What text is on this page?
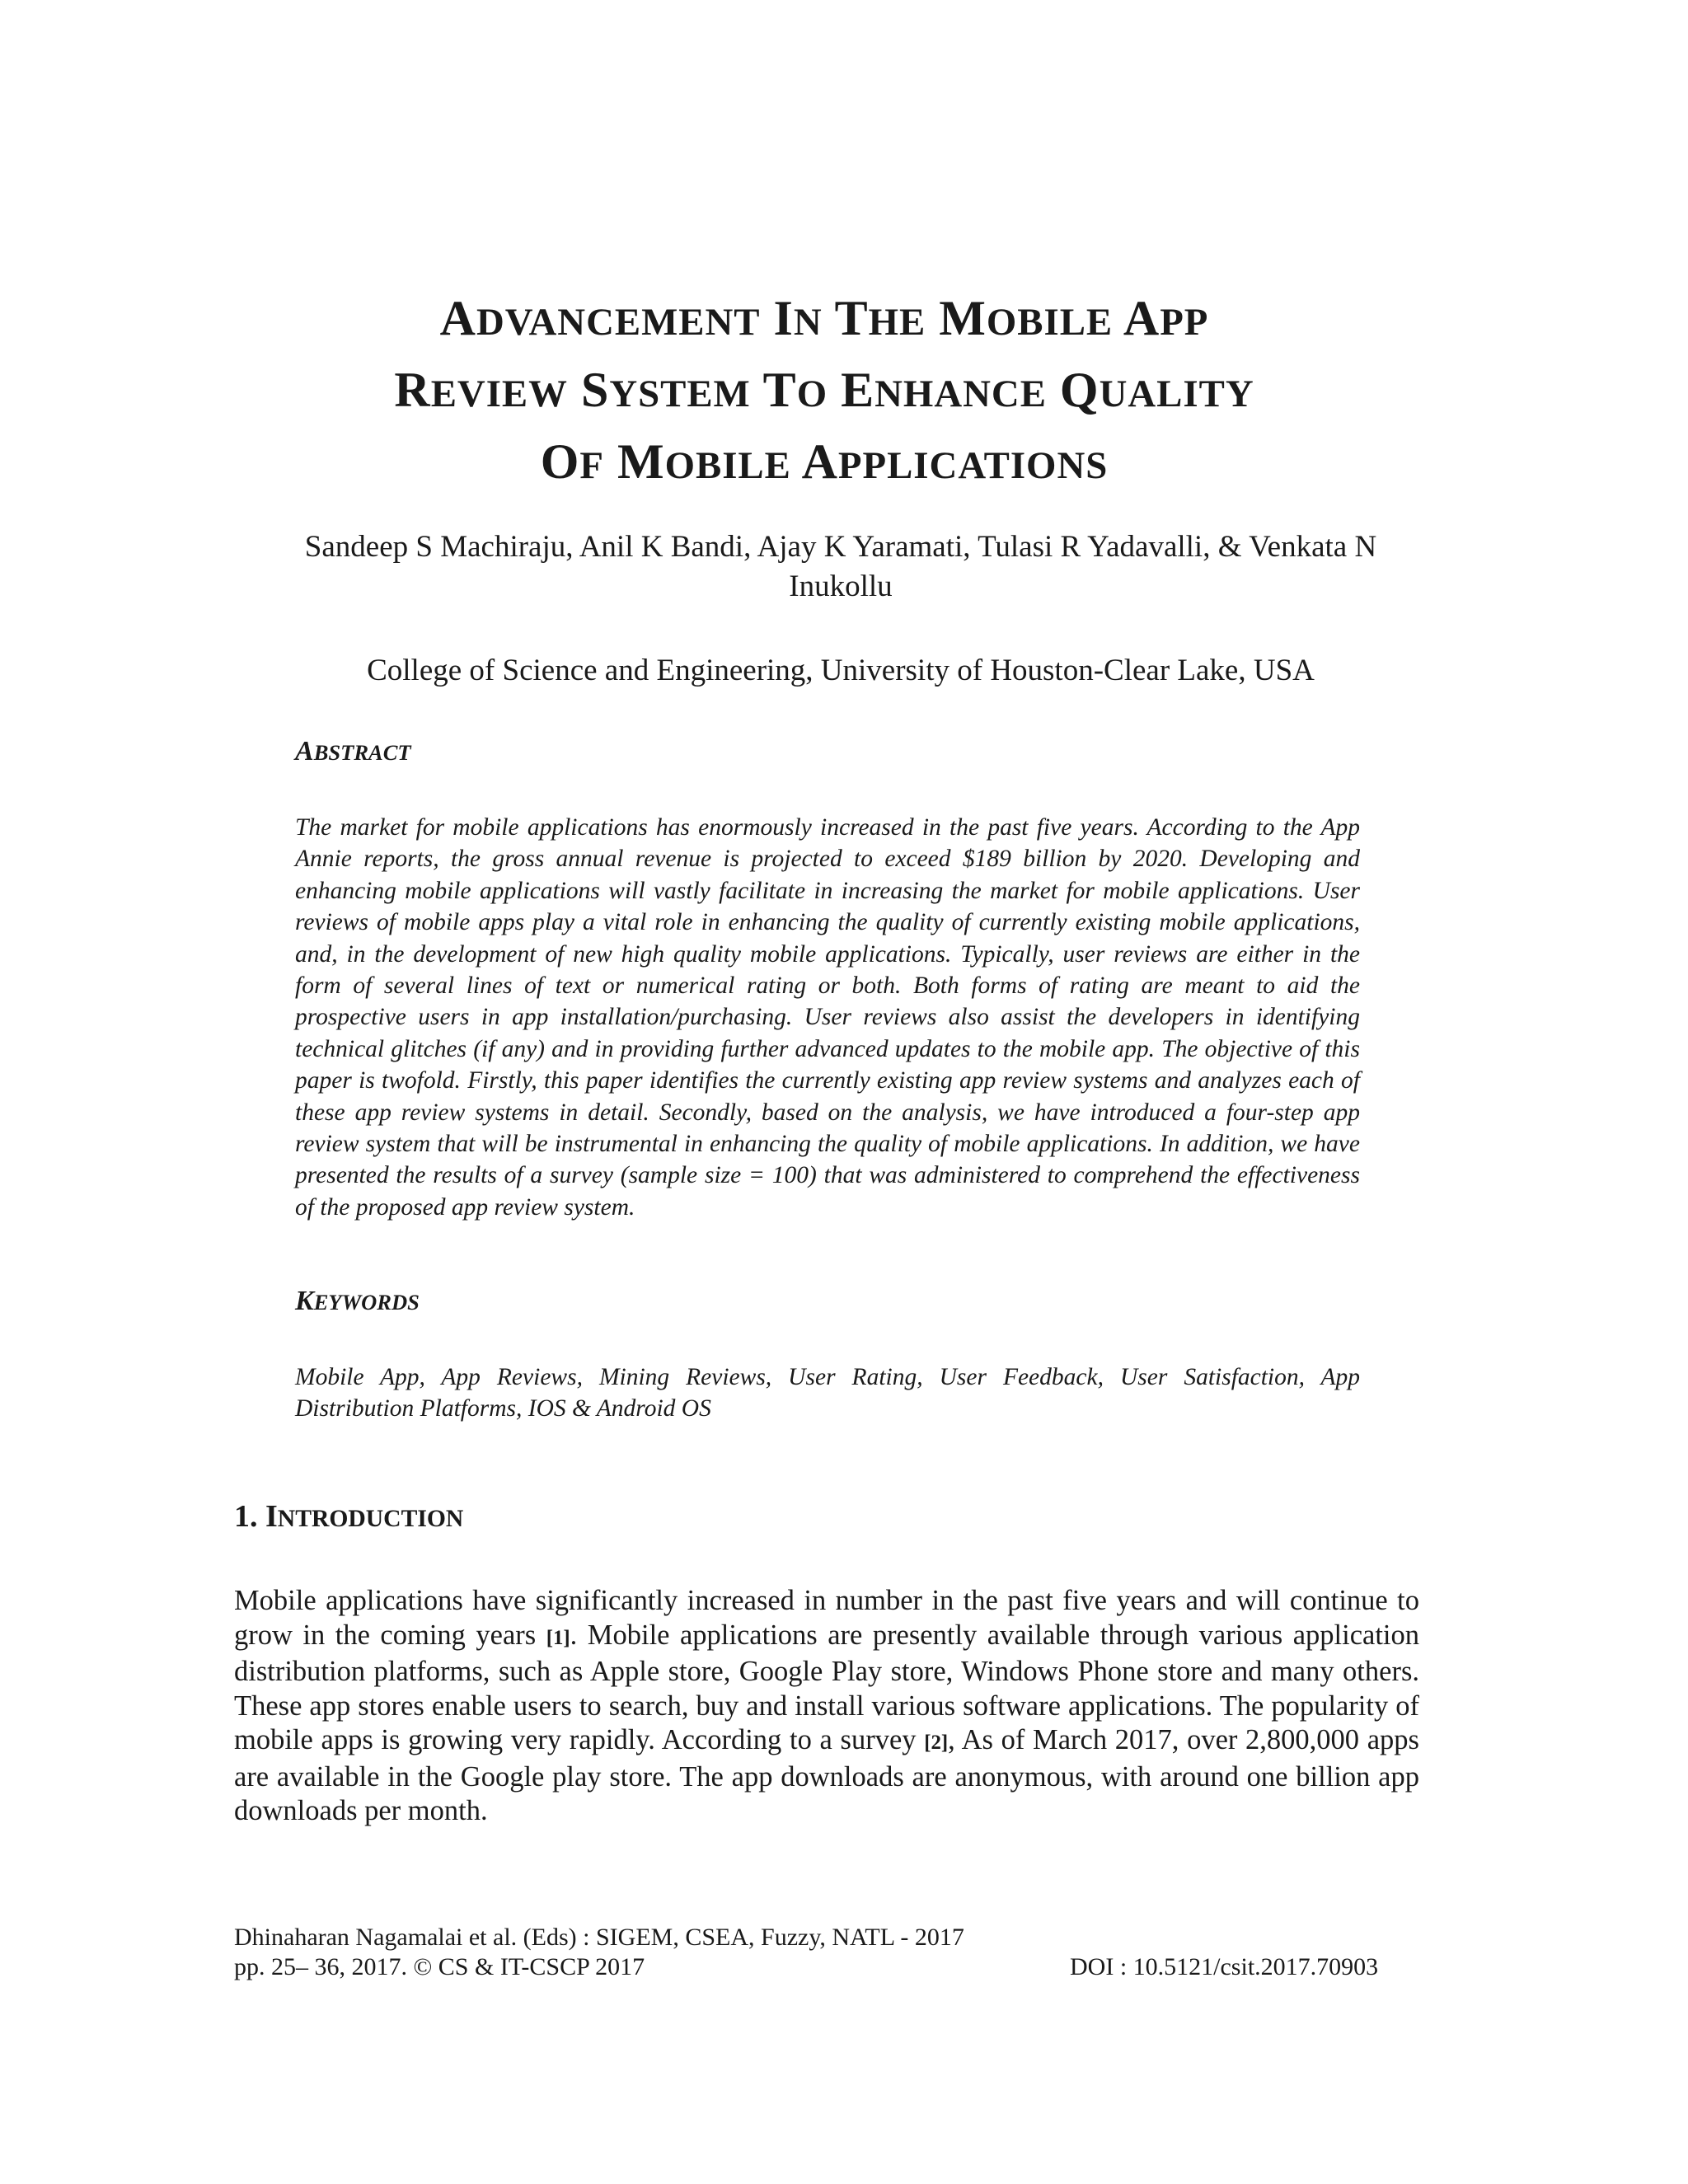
ADVANCEMENT IN THE MOBILE APP
REVIEW SYSTEM TO ENHANCE QUALITY
OF MOBILE APPLICATIONS

Sandeep S Machiraju, Anil K Bandi, Ajay K Yaramati, Tulasi R Yadavalli, & Venkata N Inukollu

College of Science and Engineering, University of Houston-Clear Lake, USA

ABSTRACT

The market for mobile applications has enormously increased in the past five years. According to the App Annie reports, the gross annual revenue is projected to exceed $189 billion by 2020. Developing and enhancing mobile applications will vastly facilitate in increasing the market for mobile applications. User reviews of mobile apps play a vital role in enhancing the quality of currently existing mobile applications, and, in the development of new high quality mobile applications. Typically, user reviews are either in the form of several lines of text or numerical rating or both. Both forms of rating are meant to aid the prospective users in app installation/purchasing. User reviews also assist the developers in identifying technical glitches (if any) and in providing further advanced updates to the mobile app. The objective of this paper is twofold. Firstly, this paper identifies the currently existing app review systems and analyzes each of these app review systems in detail. Secondly, based on the analysis, we have introduced a four-step app review system that will be instrumental in enhancing the quality of mobile applications. In addition, we have presented the results of a survey (sample size = 100) that was administered to comprehend the effectiveness of the proposed app review system.

KEYWORDS

Mobile App, App Reviews, Mining Reviews, User Rating, User Feedback, User Satisfaction, App Distribution Platforms, IOS & Android OS

1. INTRODUCTION

Mobile applications have significantly increased in number in the past five years and will continue to grow in the coming years [1]. Mobile applications are presently available through various application distribution platforms, such as Apple store, Google Play store, Windows Phone store and many others. These app stores enable users to search, buy and install various software applications. The popularity of mobile apps is growing very rapidly. According to a survey [2], As of March 2017, over 2,800,000 apps are available in the Google play store. The app downloads are anonymous, with around one billion app downloads per month.

Dhinaharan Nagamalai et al. (Eds) : SIGEM, CSEA, Fuzzy, NATL - 2017
pp. 25– 36, 2017. © CS & IT-CSCP 2017	DOI : 10.5121/csit.2017.70903
